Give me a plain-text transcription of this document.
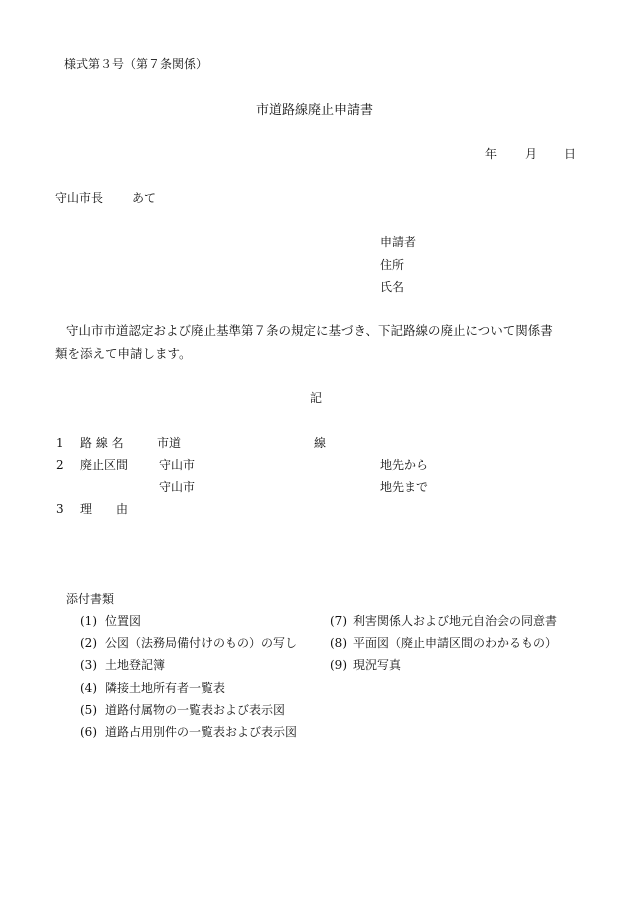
様式第３号（第７条関係）
市道路線廃止申請書
年 月 日
守山市長 あて
申請者
住所
氏名
守山市市道認定および廃止基準第７条の規定に基づき、下記路線の廃止について関係書
類を添えて申請します。
記
1 路 線 名	市道	線
2 廃止区間	守山市	地先から
守山市	地先まで
3 理　　由
添付書類
(1) 位置図
(2) 公図（法務局備付けのもの）の写し
(3) 土地登記簿
(4) 隣接土地所有者一覧表
(5) 道路付属物の一覧表および表示図
(6) 道路占用別件の一覧表および表示図
(7) 利害関係人および地元自治会の同意書
(8) 平面図（廃止申請区間のわかるもの）
(9) 現況写真
